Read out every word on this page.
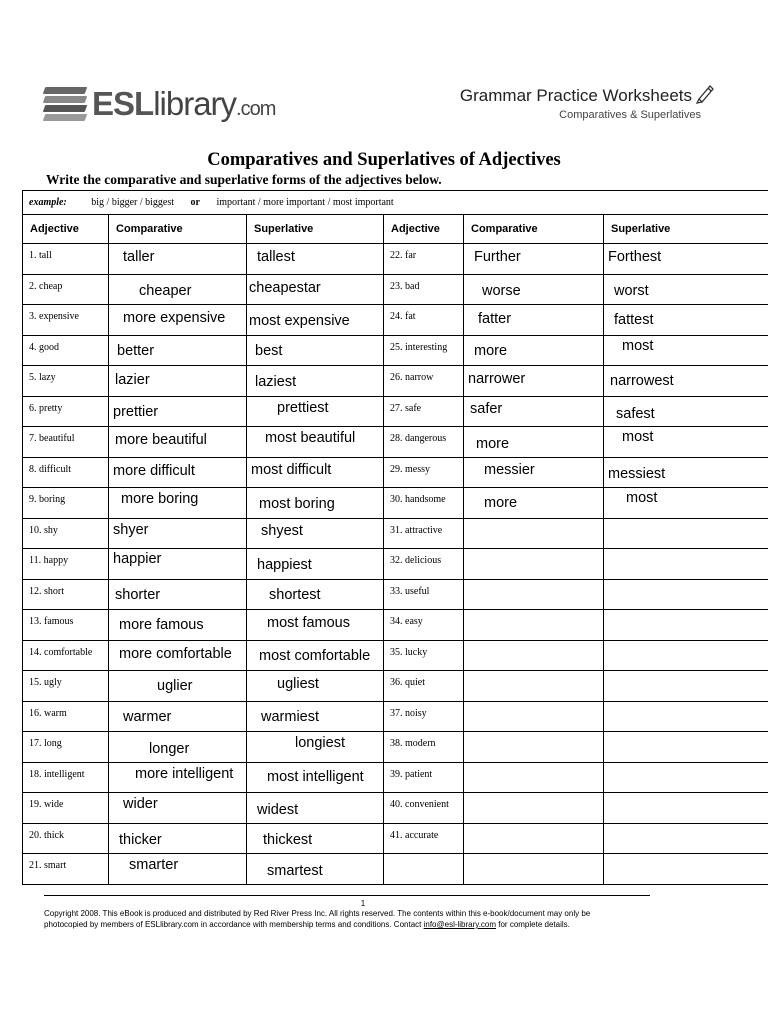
ESLlibrary.com
Grammar Practice Worksheets
Comparatives & Superlatives
Comparatives and Superlatives of Adjectives
Write the comparative and superlative forms of the adjectives below.
example: big / bigger / biggest or important / more important / most important					
Adjective	Comparative	Superlative	Adjective	Comparative	Superlative
1. tall	taller	tallest	22. far	Further	Forthest

2. cheap	cheaper	cheapestar	23. bad	worse	worst

3. expensive	more expensive	most expensive	24. fat	fatter	fattest

4. good	better	best	25. interesting	more	most

5. lazy	lazier	laziest	26. narrow	narrower	narrowest

6. pretty	prettier	prettiest	27. safe	safer	safest

7. beautiful	more beautiful	most beautiful	28. dangerous	more	most

8. difficult	more difficult	most difficult	29. messy	messier	messiest

9. boring	more boring	most boring	30. handsome	more	most

10. shy	shyer	shyest	31. attractive	

11. happy	happier	happiest	32. delicious	

12. short	shorter	shortest	33. useful	

13. famous	more famous	most famous	34. easy	

14. comfortable	more comfortable	most comfortable	35. lucky	

15. ugly	uglier	ugliest	36. quiet	

16. warm	warmer	warmiest	37. noisy	

17. long	longer	longiest	38. modern	

18. intelligent	more intelligent	most intelligent	39. patient	

19. wide	wider	widest	40. convenient	

20. thick	thicker	thickest	41. accurate	

21. smart	smarter	smartest			

1
Copyright 2008. This eBook is produced and distributed by Red River Press Inc. All rights reserved. The contents within this e-book/document may only be
photocopied by members of ESLlibrary.com in accordance with membership terms and conditions. Contact info@esl-library.com for complete details.
